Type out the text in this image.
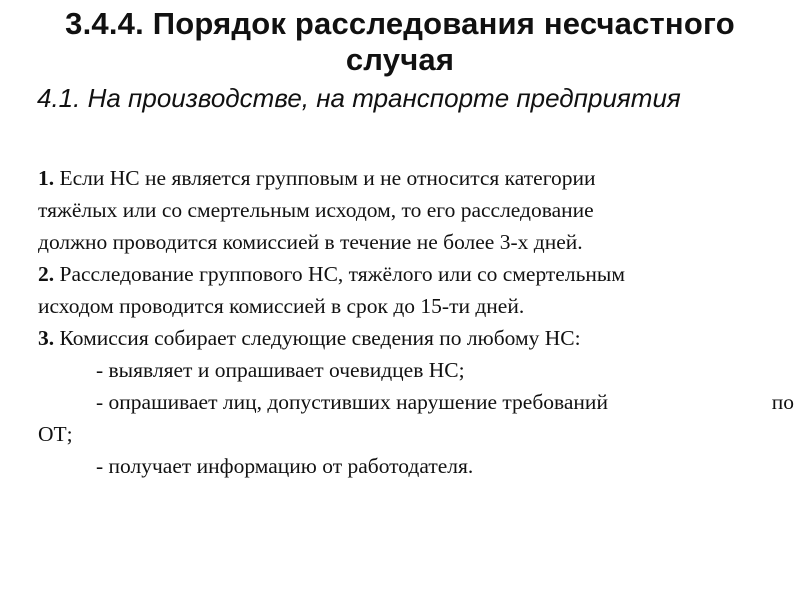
3.4.4. Порядок расследования несчастного
случая
4.1. На производстве, на транспорте предприятия
1. Если НС не является групповым и не относится категории
тяжёлых или со смертельным исходом, то его расследование
должно проводится комиссией в течение не более 3-х дней.
2. Расследование группового НС, тяжёлого или со смертельным
исходом проводится комиссией в срок до 15-ти дней.
3. Комиссия собирает следующие сведения по любому НС:
- выявляет и опрашивает очевидцев НС;
- опрашивает лиц, допустивших нарушение требований	по
ОТ;
- получает информацию от работодателя.
